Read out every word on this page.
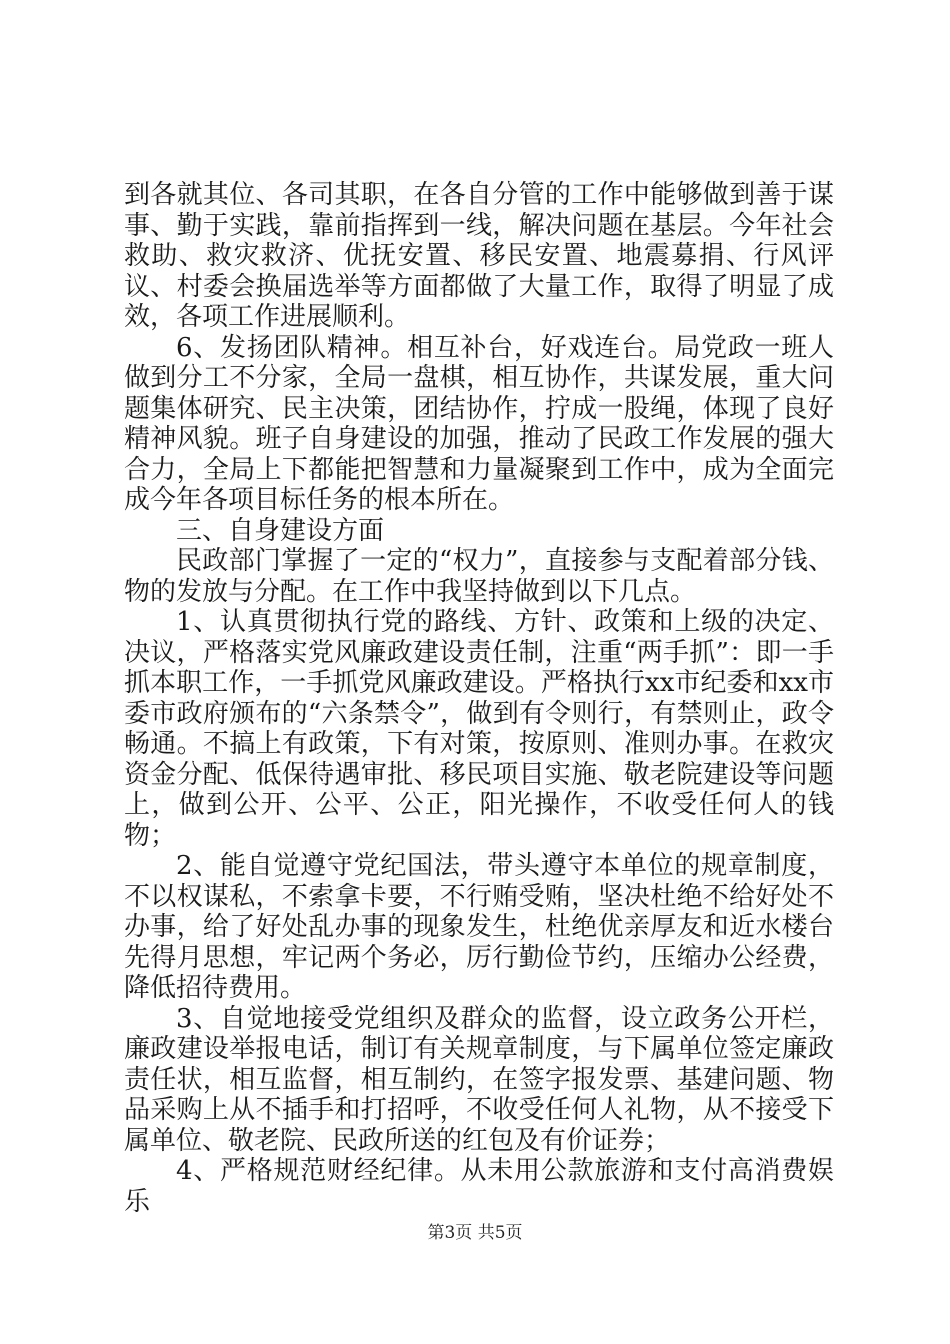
到各就其位、各司其职，在各自分管的工作中能够做到善于谋事、勤于实践，靠前指挥到一线，解决问题在基层。今年社会救助、救灾救济、优抚安置、移民安置、地震募捐、行风评议、村委会换届选举等方面都做了大量工作，取得了明显了成效，各项工作进展顺利。

6、发扬团队精神。相互补台，好戏连台。局党政一班人做到分工不分家，全局一盘棋，相互协作，共谋发展，重大问题集体研究、民主决策，团结协作，拧成一股绳，体现了良好精神风貌。班子自身建设的加强，推动了民政工作发展的强大合力，全局上下都能把智慧和力量凝聚到工作中，成为全面完成今年各项目标任务的根本所在。

三、自身建设方面

民政部门掌握了一定的“权力”，直接参与支配着部分钱、物的发放与分配。在工作中我坚持做到以下几点。

1、认真贯彻执行党的路线、方针、政策和上级的决定、决议，严格落实党风廉政建设责任制，注重“两手抓”：即一手抓本职工作，一手抓党风廉政建设。严格执行xx市纪委和xx市委市政府颁布的“六条禁令”，做到有令则行，有禁则止，政令畅通。不搞上有政策，下有对策，按原则、准则办事。在救灾资金分配、低保待遇审批、移民项目实施、敬老院建设等问题上，做到公开、公平、公正，阳光操作，不收受任何人的钱物；

2、能自觉遵守党纪国法，带头遵守本单位的规章制度，不以权谋私，不索拿卡要，不行贿受贿，坚决杜绝不给好处不办事，给了好处乱办事的现象发生，杜绝优亲厚友和近水楼台先得月思想，牢记两个务必，厉行勤俭节约，压缩办公经费，降低招待费用。

3、自觉地接受党组织及群众的监督，设立政务公开栏，廉政建设举报电话，制订有关规章制度，与下属单位签定廉政责任状，相互监督，相互制约，在签字报发票、基建问题、物品采购上从不插手和打招呼，不收受任何人礼物，从不接受下属单位、敬老院、民政所送的红包及有价证券；

4、严格规范财经纪律。从未用公款旅游和支付高消费娱乐

第3页 共5页
